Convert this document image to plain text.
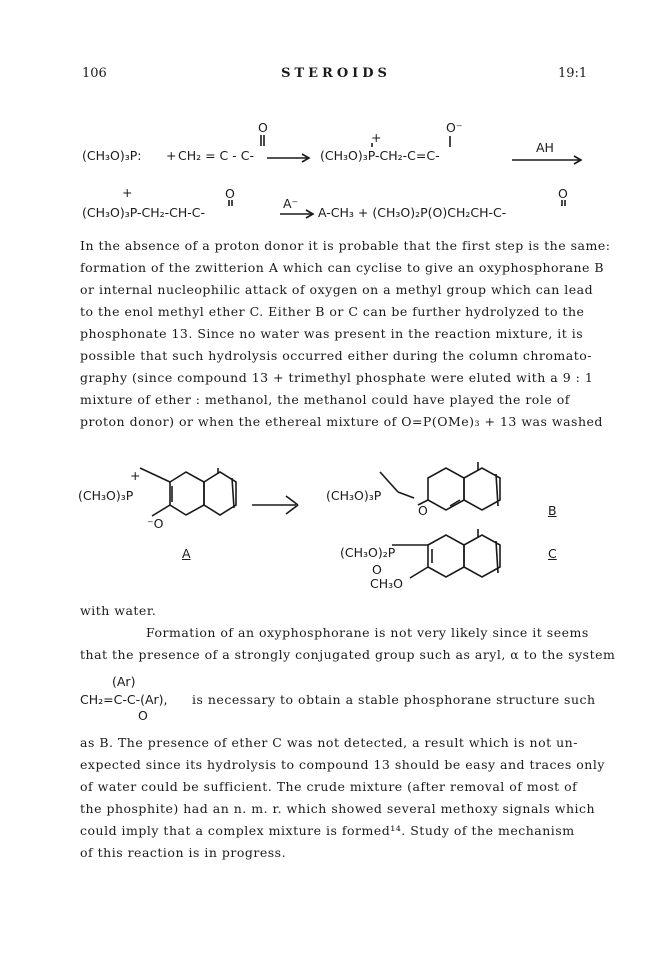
106	STEROIDS	19:1
(CH₃O)₃P: + CH₂ = C - C-
O
(CH₃O)₃P-CH₂-C=C-
+
O⁻
AH
(CH₃O)₃P-CH₂-CH-C-
+	O
A⁻
A-CH₃ + (CH₃O)₂P(O)CH₂CH-C-
O
In the absence of a proton donor it is probable that the first step is the same:
formation of the zwitterion A which can cyclise to give an oxyphosphorane B
or internal nucleophilic attack of oxygen on a methyl group which can lead
to the enol methyl ether C. Either B or C can be further hydrolyzed to the
phosphonate 13. Since no water was present in the reaction mixture, it is
possible that such hydrolysis occurred either during the column chromato-
graphy (since compound 13 + trimethyl phosphate were eluted with a 9 : 1
mixture of ether : methanol, the methanol could have played the role of
proton donor) or when the ethereal mixture of O=P(OMe)₃ + 13 was washed
(CH₃O)₃P
+
⁻O
A
(CH₃O)₃P
O	B
(CH₃O)₂P
O
CH₃O
C
with water.
Formation of an oxyphosphorane is not very likely since it seems
that the presence of a strongly conjugated group such as aryl, α to the system
(Ar)
CH₂=C-C-(Ar),
O
is necessary to obtain a stable phosphorane structure such
as B. The presence of ether C was not detected, a result which is not un-
expected since its hydrolysis to compound 13 should be easy and traces only
of water could be sufficient. The crude mixture (after removal of most of
the phosphite) had an n. m. r. which showed several methoxy signals which
could imply that a complex mixture is formed¹⁴. Study of the mechanism
of this reaction is in progress.
